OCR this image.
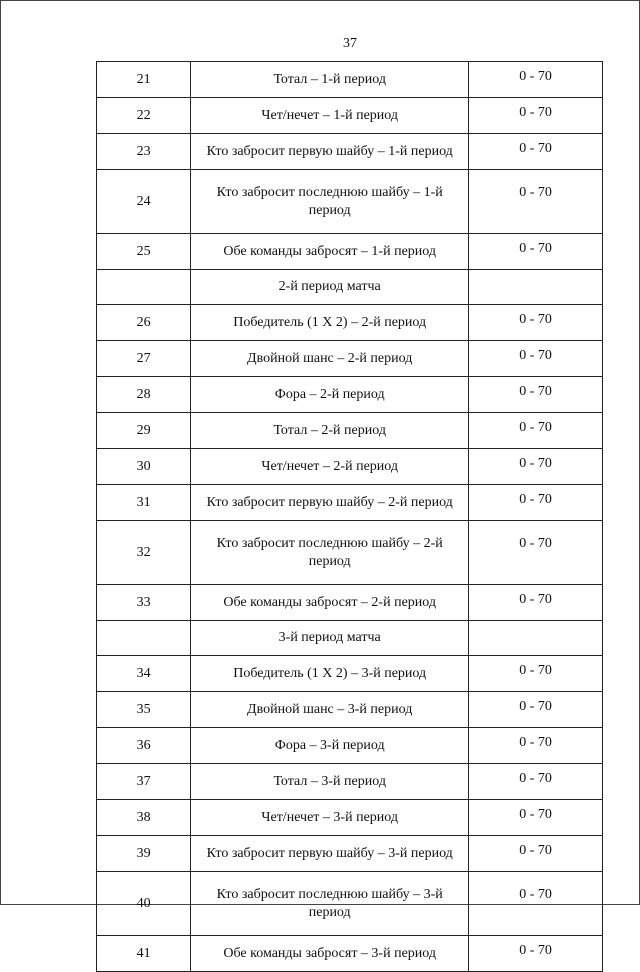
37
21	Тотал – 1-й период	0 - 70
22	Чет/нечет – 1-й период	0 - 70
23	Кто забросит первую шайбу – 1-й период	0 - 70
24	Кто забросит последнюю шайбу – 1-й период	0 - 70
25	Обе команды забросят – 1-й период	0 - 70
	2-й период матча	
26	Победитель (1 X 2) – 2-й период	0 - 70
27	Двойной шанс – 2-й период	0 - 70
28	Фора – 2-й период	0 - 70
29	Тотал – 2-й период	0 - 70
30	Чет/нечет – 2-й период	0 - 70
31	Кто забросит первую шайбу – 2-й период	0 - 70
32	Кто забросит последнюю шайбу – 2-й период	0 - 70
33	Обе команды забросят – 2-й период	0 - 70
	3-й период матча	
34	Победитель (1 X 2) – 3-й период	0 - 70
35	Двойной шанс – 3-й период	0 - 70
36	Фора – 3-й период	0 - 70
37	Тотал – 3-й период	0 - 70
38	Чет/нечет – 3-й период	0 - 70
39	Кто забросит первую шайбу – 3-й период	0 - 70
40	Кто забросит последнюю шайбу – 3-й период	0 - 70
41	Обе команды забросят – 3-й период	0 - 70
